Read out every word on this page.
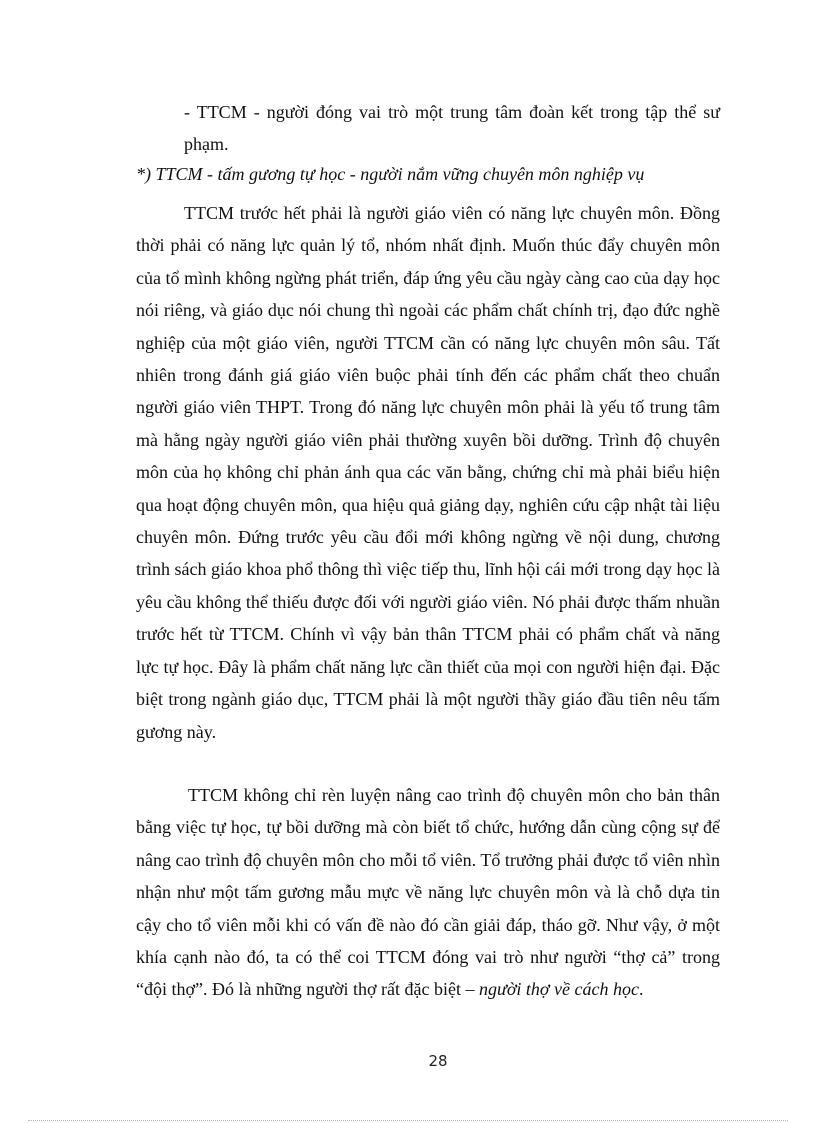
- TTCM - người đóng vai trò một trung tâm đoàn kết trong tập thể sư phạm.

*) TTCM - tấm gương tự học - người nắm vững chuyên môn nghiệp vụ

TTCM trước hết phải là người giáo viên có năng lực chuyên môn. Đồng thời phải có năng lực quản lý tổ, nhóm nhất định. Muốn thúc đẩy chuyên môn của tổ mình không ngừng phát triển, đáp ứng yêu cầu ngày càng cao của dạy học nói riêng, và giáo dục nói chung thì ngoài các phẩm chất chính trị, đạo đức nghề nghiệp của một giáo viên, người TTCM cần có năng lực chuyên môn sâu. Tất nhiên trong đánh giá giáo viên buộc phải tính đến các phẩm chất theo chuẩn người giáo viên THPT. Trong đó năng lực chuyên môn phải là yếu tố trung tâm mà hằng ngày người giáo viên phải thường xuyên bồi dưỡng. Trình độ chuyên môn của họ không chỉ phản ánh qua các văn bằng, chứng chỉ mà phải biểu hiện qua hoạt động chuyên môn, qua hiệu quả giảng dạy, nghiên cứu cập nhật tài liệu chuyên môn. Đứng trước yêu cầu đổi mới không ngừng về nội dung, chương trình sách giáo khoa phổ thông thì việc tiếp thu, lĩnh hội cái mới trong dạy học là yêu cầu không thể thiếu được đối với người giáo viên. Nó phải được thấm nhuần trước hết từ TTCM. Chính vì vậy bản thân TTCM phải có phẩm chất và năng lực tự học. Đây là phẩm chất năng lực cần thiết của mọi con người hiện đại. Đặc biệt trong ngành giáo dục, TTCM phải là một người thầy giáo đầu tiên nêu tấm gương này.

TTCM không chỉ rèn luyện nâng cao trình độ chuyên môn cho bản thân bằng việc tự học, tự bồi dưỡng mà còn biết tổ chức, hướng dẫn cùng cộng sự để nâng cao trình độ chuyên môn cho mỗi tổ viên. Tổ trưởng phải được tổ viên nhìn nhận như một tấm gương mẫu mực về năng lực chuyên môn và là chỗ dựa tin cậy cho tổ viên mỗi khi có vấn đề nào đó cần giải đáp, tháo gỡ. Như vậy, ở một khía cạnh nào đó, ta có thể coi TTCM đóng vai trò như người “thợ cả” trong “đội thợ”. Đó là những người thợ rất đặc biệt – người thợ về cách học.

28
